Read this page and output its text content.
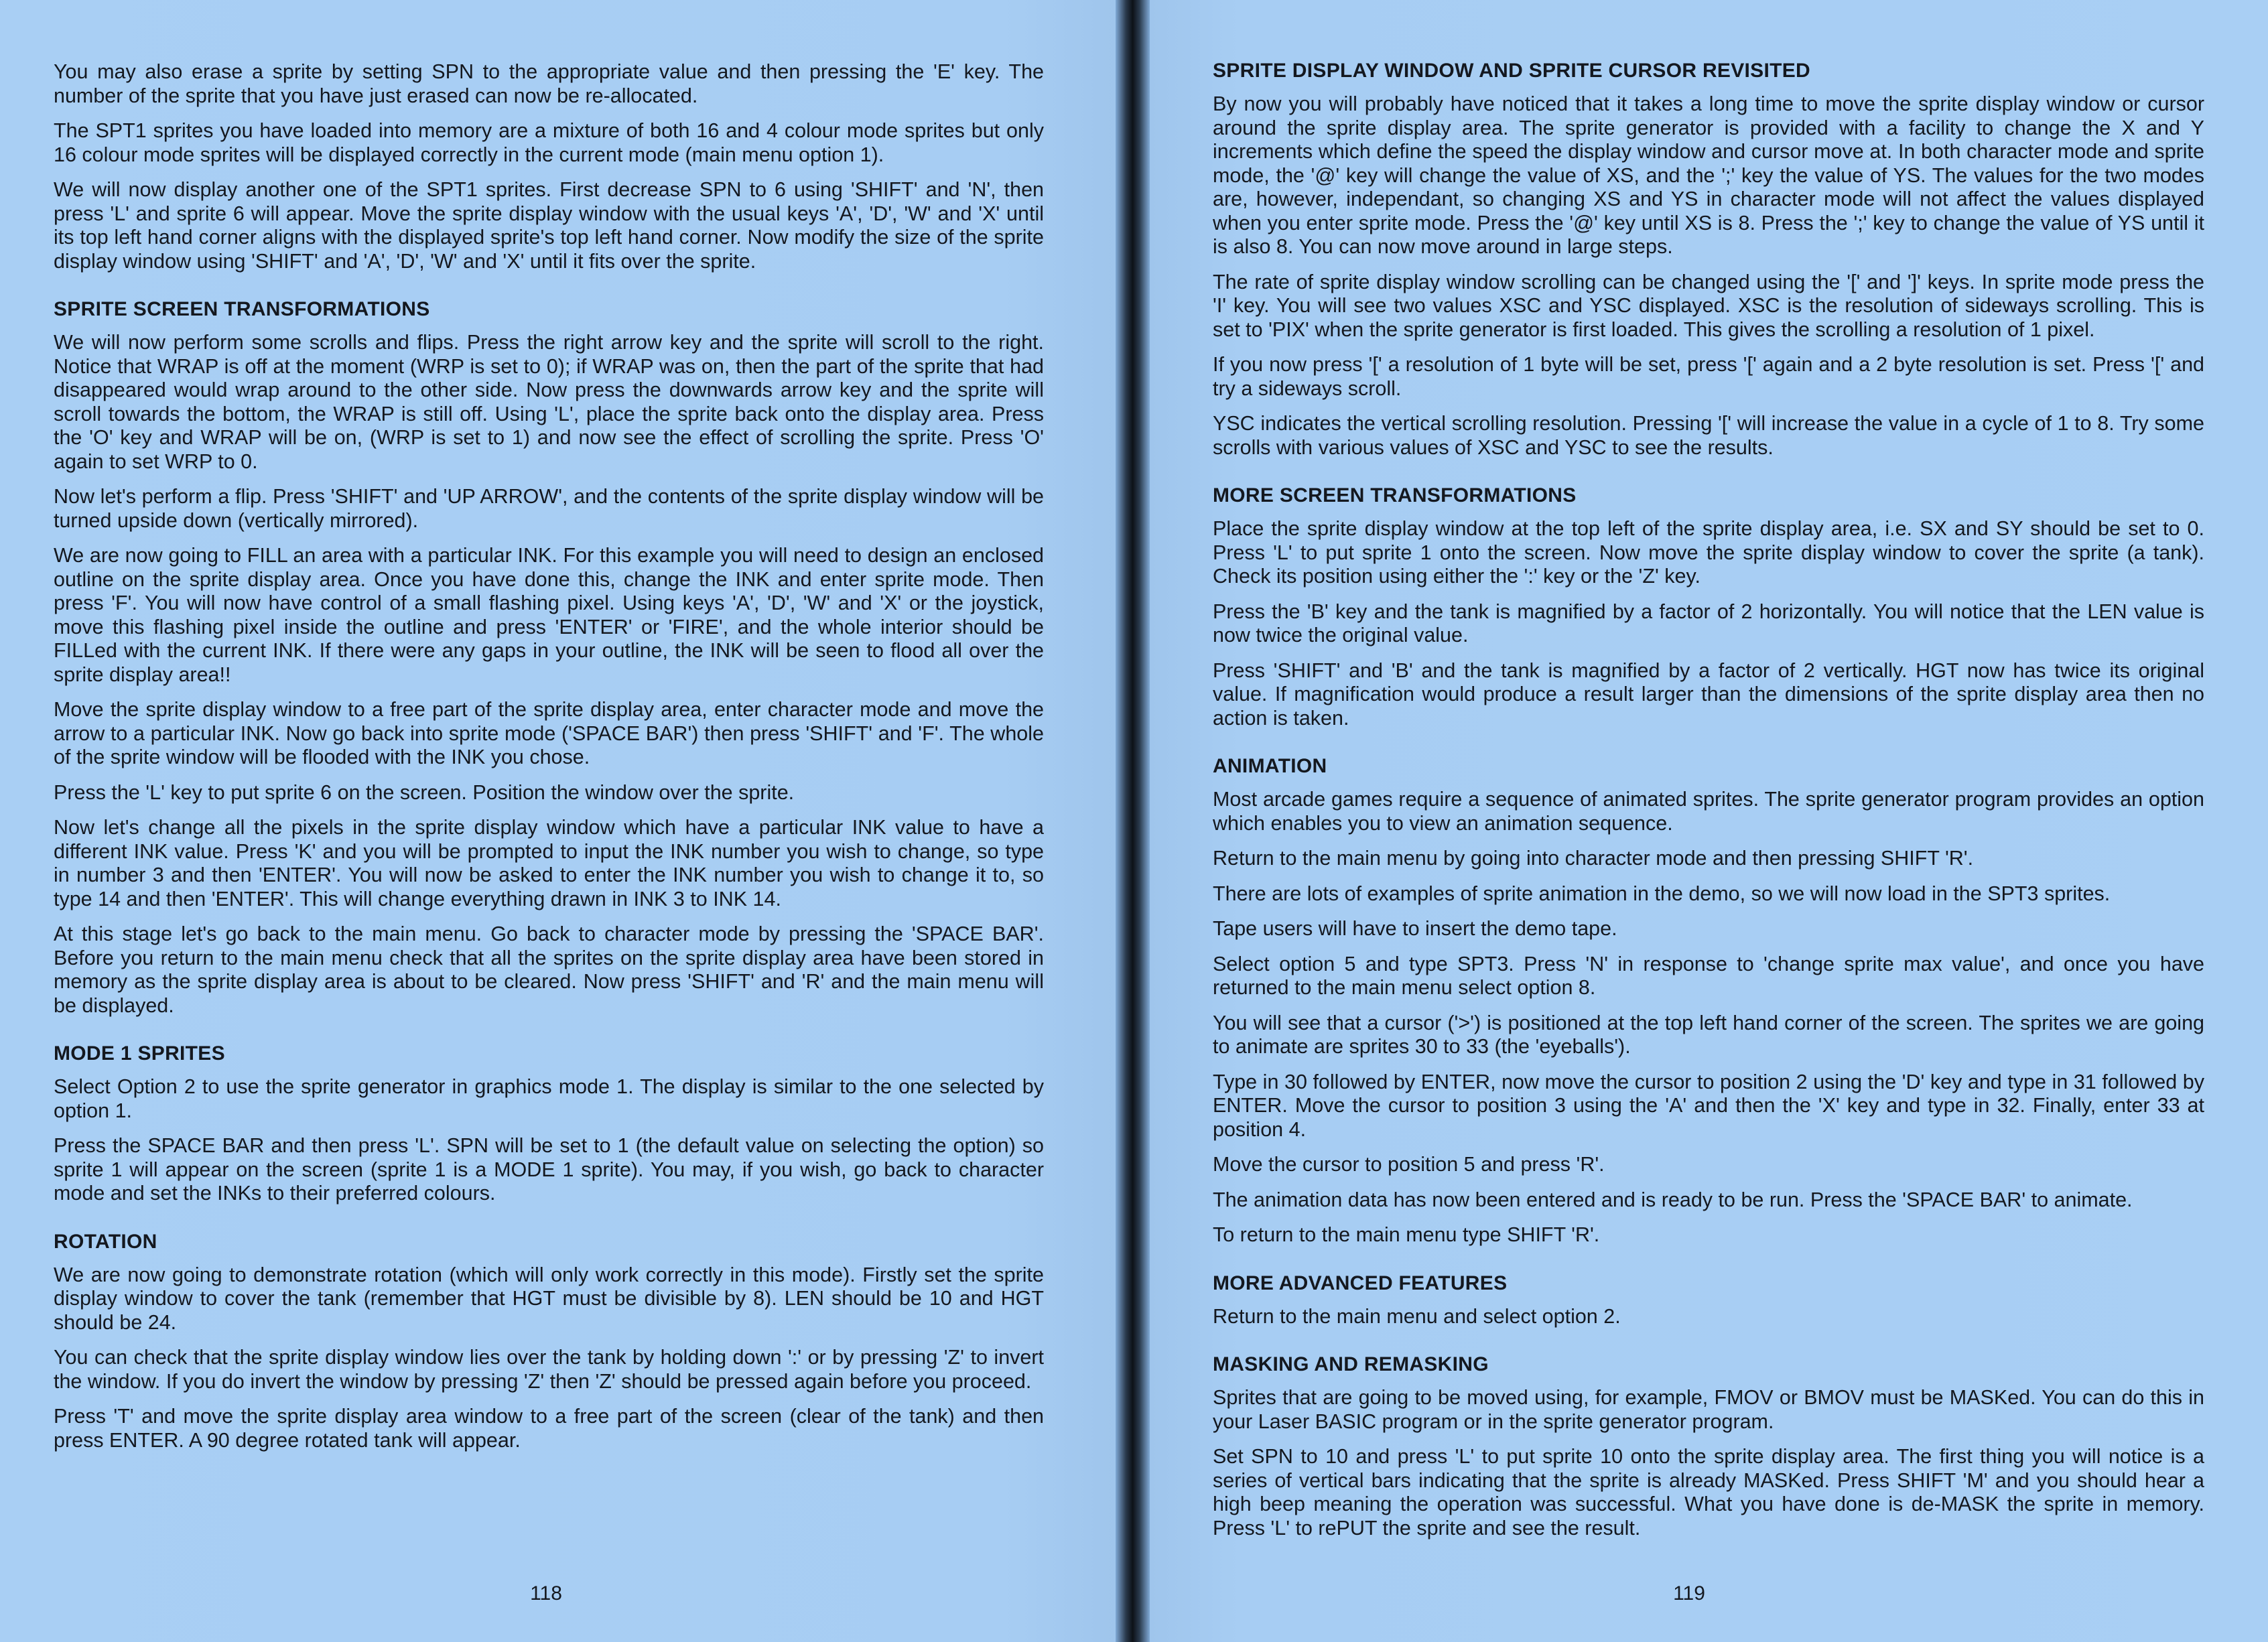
You may also erase a sprite by setting SPN to the appropriate value and then pressing the 'E' key. The number of the sprite that you have just erased can now be re-allocated.

The SPT1 sprites you have loaded into memory are a mixture of both 16 and 4 colour mode sprites but only 16 colour mode sprites will be displayed correctly in the current mode (main menu option 1).

We will now display another one of the SPT1 sprites. First decrease SPN to 6 using 'SHIFT' and 'N', then press 'L' and sprite 6 will appear. Move the sprite display window with the usual keys 'A', 'D', 'W' and 'X' until its top left hand corner aligns with the displayed sprite's top left hand corner. Now modify the size of the sprite display window using 'SHIFT' and 'A', 'D', 'W' and 'X' until it fits over the sprite.

SPRITE SCREEN TRANSFORMATIONS

We will now perform some scrolls and flips. Press the right arrow key and the sprite will scroll to the right. Notice that WRAP is off at the moment (WRP is set to 0); if WRAP was on, then the part of the sprite that had disappeared would wrap around to the other side. Now press the downwards arrow key and the sprite will scroll towards the bottom, the WRAP is still off. Using 'L', place the sprite back onto the display area. Press the 'O' key and WRAP will be on, (WRP is set to 1) and now see the effect of scrolling the sprite. Press 'O' again to set WRP to 0.

Now let's perform a flip. Press 'SHIFT' and 'UP ARROW', and the contents of the sprite display window will be turned upside down (vertically mirrored).

We are now going to FILL an area with a particular INK. For this example you will need to design an enclosed outline on the sprite display area. Once you have done this, change the INK and enter sprite mode. Then press 'F'. You will now have control of a small flashing pixel. Using keys 'A', 'D', 'W' and 'X' or the joystick, move this flashing pixel inside the outline and press 'ENTER' or 'FIRE', and the whole interior should be FILLed with the current INK. If there were any gaps in your outline, the INK will be seen to flood all over the sprite display area!!

Move the sprite display window to a free part of the sprite display area, enter character mode and move the arrow to a particular INK. Now go back into sprite mode ('SPACE BAR') then press 'SHIFT' and 'F'. The whole of the sprite window will be flooded with the INK you chose.

Press the 'L' key to put sprite 6 on the screen. Position the window over the sprite.

Now let's change all the pixels in the sprite display window which have a particular INK value to have a different INK value. Press 'K' and you will be prompted to input the INK number you wish to change, so type in number 3 and then 'ENTER'. You will now be asked to enter the INK number you wish to change it to, so type 14 and then 'ENTER'. This will change everything drawn in INK 3 to INK 14.

At this stage let's go back to the main menu. Go back to character mode by pressing the 'SPACE BAR'. Before you return to the main menu check that all the sprites on the sprite display area have been stored in memory as the sprite display area is about to be cleared. Now press 'SHIFT' and 'R' and the main menu will be displayed.

MODE 1 SPRITES

Select Option 2 to use the sprite generator in graphics mode 1. The display is similar to the one selected by option 1.

Press the SPACE BAR and then press 'L'. SPN will be set to 1 (the default value on selecting the option) so sprite 1 will appear on the screen (sprite 1 is a MODE 1 sprite). You may, if you wish, go back to character mode and set the INKs to their preferred colours.

ROTATION

We are now going to demonstrate rotation (which will only work correctly in this mode). Firstly set the sprite display window to cover the tank (remember that HGT must be divisible by 8). LEN should be 10 and HGT should be 24.

You can check that the sprite display window lies over the tank by holding down ':' or by pressing 'Z' to invert the window. If you do invert the window by pressing 'Z' then 'Z' should be pressed again before you proceed.

Press 'T' and move the sprite display area window to a free part of the screen (clear of the tank) and then press ENTER. A 90 degree rotated tank will appear.

118
SPRITE DISPLAY WINDOW AND SPRITE CURSOR REVISITED

By now you will probably have noticed that it takes a long time to move the sprite display window or cursor around the sprite display area. The sprite generator is provided with a facility to change the X and Y increments which define the speed the display window and cursor move at. In both character mode and sprite mode, the '@' key will change the value of XS, and the ';' key the value of YS. The values for the two modes are, however, independant, so changing XS and YS in character mode will not affect the values displayed when you enter sprite mode. Press the '@' key until XS is 8. Press the ';' key to change the value of YS until it is also 8. You can now move around in large steps.

The rate of sprite display window scrolling can be changed using the '[' and ']' keys. In sprite mode press the 'I' key. You will see two values XSC and YSC displayed. XSC is the resolution of sideways scrolling. This is set to 'PIX' when the sprite generator is first loaded. This gives the scrolling a resolution of 1 pixel.

If you now press '[' a resolution of 1 byte will be set, press '[' again and a 2 byte resolution is set. Press '[' and try a sideways scroll.

YSC indicates the vertical scrolling resolution. Pressing '[' will increase the value in a cycle of 1 to 8. Try some scrolls with various values of XSC and YSC to see the results.

MORE SCREEN TRANSFORMATIONS

Place the sprite display window at the top left of the sprite display area, i.e. SX and SY should be set to 0. Press 'L' to put sprite 1 onto the screen. Now move the sprite display window to cover the sprite (a tank). Check its position using either the ':' key or the 'Z' key.

Press the 'B' key and the tank is magnified by a factor of 2 horizontally. You will notice that the LEN value is now twice the original value.

Press 'SHIFT' and 'B' and the tank is magnified by a factor of 2 vertically. HGT now has twice its original value. If magnification would produce a result larger than the dimensions of the sprite display area then no action is taken.

ANIMATION

Most arcade games require a sequence of animated sprites. The sprite generator program provides an option which enables you to view an animation sequence.

Return to the main menu by going into character mode and then pressing SHIFT 'R'.

There are lots of examples of sprite animation in the demo, so we will now load in the SPT3 sprites.

Tape users will have to insert the demo tape.

Select option 5 and type SPT3. Press 'N' in response to 'change sprite max value', and once you have returned to the main menu select option 8.

You will see that a cursor ('>') is positioned at the top left hand corner of the screen. The sprites we are going to animate are sprites 30 to 33 (the 'eyeballs').

Type in 30 followed by ENTER, now move the cursor to position 2 using the 'D' key and type in 31 followed by ENTER. Move the cursor to position 3 using the 'A' and then the 'X' key and type in 32. Finally, enter 33 at position 4.

Move the cursor to position 5 and press 'R'.

The animation data has now been entered and is ready to be run. Press the 'SPACE BAR' to animate.

To return to the main menu type SHIFT 'R'.

MORE ADVANCED FEATURES

Return to the main menu and select option 2.

MASKING AND REMASKING

Sprites that are going to be moved using, for example, FMOV or BMOV must be MASKed. You can do this in your Laser BASIC program or in the sprite generator program.

Set SPN to 10 and press 'L' to put sprite 10 onto the sprite display area. The first thing you will notice is a series of vertical bars indicating that the sprite is already MASKed. Press SHIFT 'M' and you should hear a high beep meaning the operation was successful. What you have done is de-MASK the sprite in memory. Press 'L' to rePUT the sprite and see the result.

119
